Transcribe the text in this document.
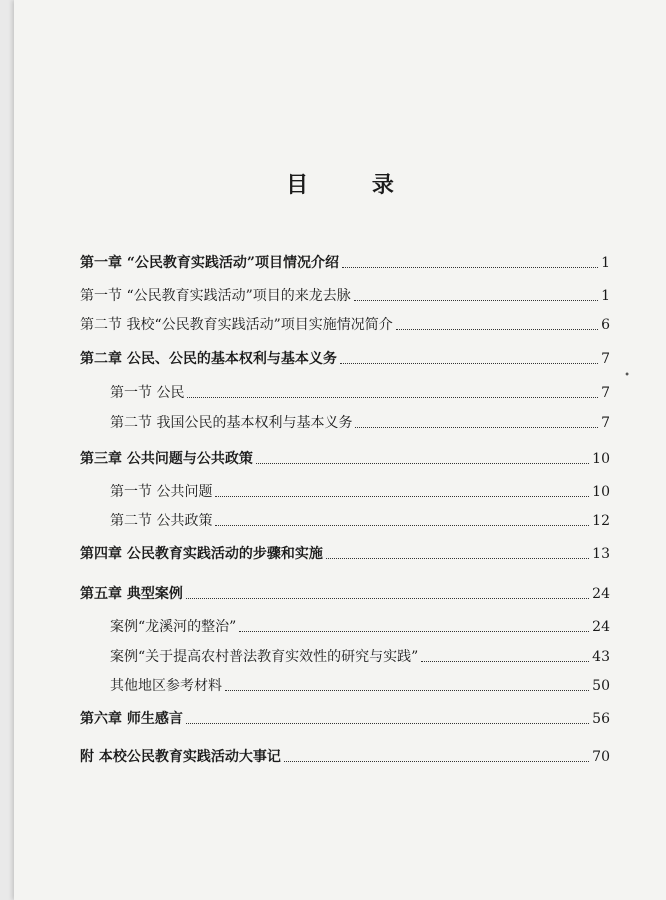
目 录
第一章 “公民教育实践活动”项目情况介绍	1
第一节 “公民教育实践活动”项目的来龙去脉	1
第二节 我校“公民教育实践活动”项目实施情况简介	6
第二章 公民、公民的基本权利与基本义务	7
第一节 公民	7
第二节 我国公民的基本权利与基本义务	7
第三章 公共问题与公共政策	10
第一节 公共问题	10
第二节 公共政策	12
第四章 公民教育实践活动的步骤和实施	13
第五章 典型案例	24
案例“龙溪河的整治”	24
案例“关于提高农村普法教育实效性的研究与实践”	43
其他地区参考材料	50
第六章 师生感言	56
附 本校公民教育实践活动大事记	70
•
